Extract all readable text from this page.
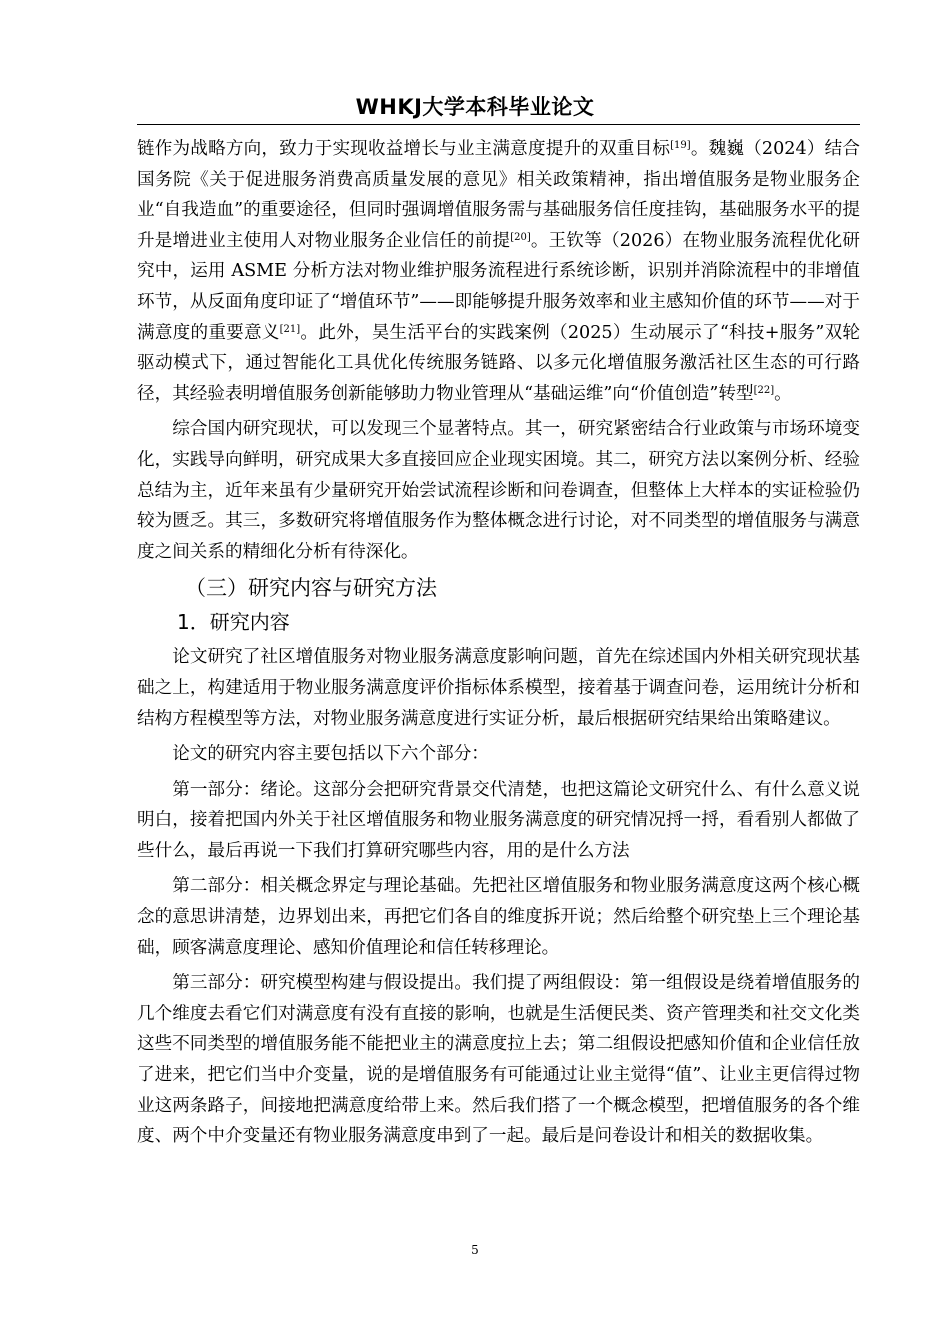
WHKJ大学本科毕业论文

链作为战略方向，致力于实现收益增长与业主满意度提升的双重目标[19]。魏巍（2024）结合国务院《关于促进服务消费高质量发展的意见》相关政策精神，指出增值服务是物业服务企业“自我造血”的重要途径，但同时强调增值服务需与基础服务信任度挂钩，基础服务水平的提升是增进业主使用人对物业服务企业信任的前提[20]。王钦等（2026）在物业服务流程优化研究中，运用 ASME 分析方法对物业维护服务流程进行系统诊断，识别并消除流程中的非增值环节，从反面角度印证了“增值环节”——即能够提升服务效率和业主感知价值的环节——对于满意度的重要意义[21]。此外，昊生活平台的实践案例（2025）生动展示了“科技+服务”双轮驱动模式下，通过智能化工具优化传统服务链路、以多元化增值服务激活社区生态的可行路径，其经验表明增值服务创新能够助力物业管理从“基础运维”向“价值创造”转型[22]。

综合国内研究现状，可以发现三个显著特点。其一，研究紧密结合行业政策与市场环境变化，实践导向鲜明，研究成果大多直接回应企业现实困境。其二，研究方法以案例分析、经验总结为主，近年来虽有少量研究开始尝试流程诊断和问卷调查，但整体上大样本的实证检验仍较为匮乏。其三，多数研究将增值服务作为整体概念进行讨论，对不同类型的增值服务与满意度之间关系的精细化分析有待深化。

（三）研究内容与研究方法
1．研究内容

论文研究了社区增值服务对物业服务满意度影响问题，首先在综述国内外相关研究现状基础之上，构建适用于物业服务满意度评价指标体系模型，接着基于调查问卷，运用统计分析和结构方程模型等方法，对物业服务满意度进行实证分析，最后根据研究结果给出策略建议。

论文的研究内容主要包括以下六个部分：

第一部分：绪论。这部分会把研究背景交代清楚，也把这篇论文研究什么、有什么意义说明白，接着把国内外关于社区增值服务和物业服务满意度的研究情况捋一捋，看看别人都做了些什么，最后再说一下我们打算研究哪些内容，用的是什么方法

第二部分：相关概念界定与理论基础。先把社区增值服务和物业服务满意度这两个核心概念的意思讲清楚，边界划出来，再把它们各自的维度拆开说；然后给整个研究垫上三个理论基础，顾客满意度理论、感知价值理论和信任转移理论。

第三部分：研究模型构建与假设提出。我们提了两组假设：第一组假设是绕着增值服务的几个维度去看它们对满意度有没有直接的影响，也就是生活便民类、资产管理类和社交文化类这些不同类型的增值服务能不能把业主的满意度拉上去；第二组假设把感知价值和企业信任放了进来，把它们当中介变量，说的是增值服务有可能通过让业主觉得“值”、让业主更信得过物业这两条路子，间接地把满意度给带上来。然后我们搭了一个概念模型，把增值服务的各个维度、两个中介变量还有物业服务满意度串到了一起。最后是问卷设计和相关的数据收集。

5
